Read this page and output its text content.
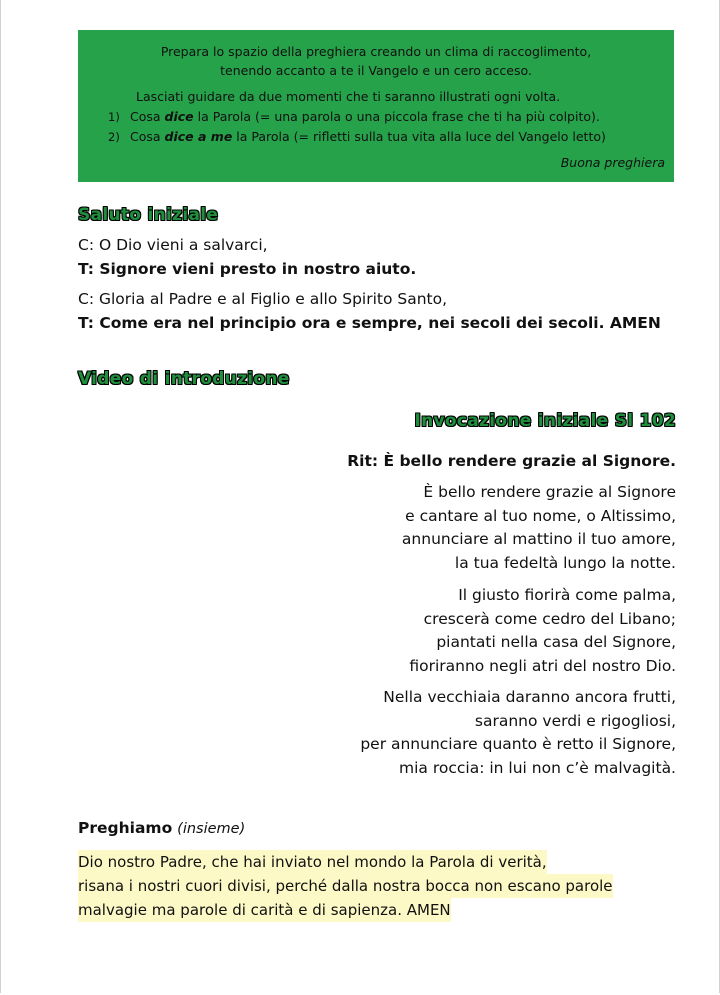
Prepara lo spazio della preghiera creando un clima di raccoglimento,
tenendo accanto a te il Vangelo e un cero acceso.
Lasciati guidare da due momenti che ti saranno illustrati ogni volta.
1) Cosa dice la Parola (= una parola o una piccola frase che ti ha più colpito).
2) Cosa dice a me la Parola (= rifletti sulla tua vita alla luce del Vangelo letto)
Buona preghiera
Saluto iniziale
C: O Dio vieni a salvarci,
T: Signore vieni presto in nostro aiuto.
C: Gloria al Padre e al Figlio e allo Spirito Santo,
T: Come era nel principio ora e sempre, nei secoli dei secoli. AMEN
Video di introduzione
Invocazione iniziale Sl 102
Rit: È bello rendere grazie al Signore.
È bello rendere grazie al Signore
e cantare al tuo nome, o Altissimo,
annunciare al mattino il tuo amore,
la tua fedeltà lungo la notte.
Il giusto fiorirà come palma,
crescerà come cedro del Libano;
piantati nella casa del Signore,
fioriranno negli atri del nostro Dio.
Nella vecchiaia daranno ancora frutti,
saranno verdi e rigogliosi,
per annunciare quanto è retto il Signore,
mia roccia: in lui non c’è malvagità.
Preghiamo (insieme)
Dio nostro Padre, che hai inviato nel mondo la Parola di verità,
risana i nostri cuori divisi, perché dalla nostra bocca non escano parole
malvagie ma parole di carità e di sapienza. AMEN
